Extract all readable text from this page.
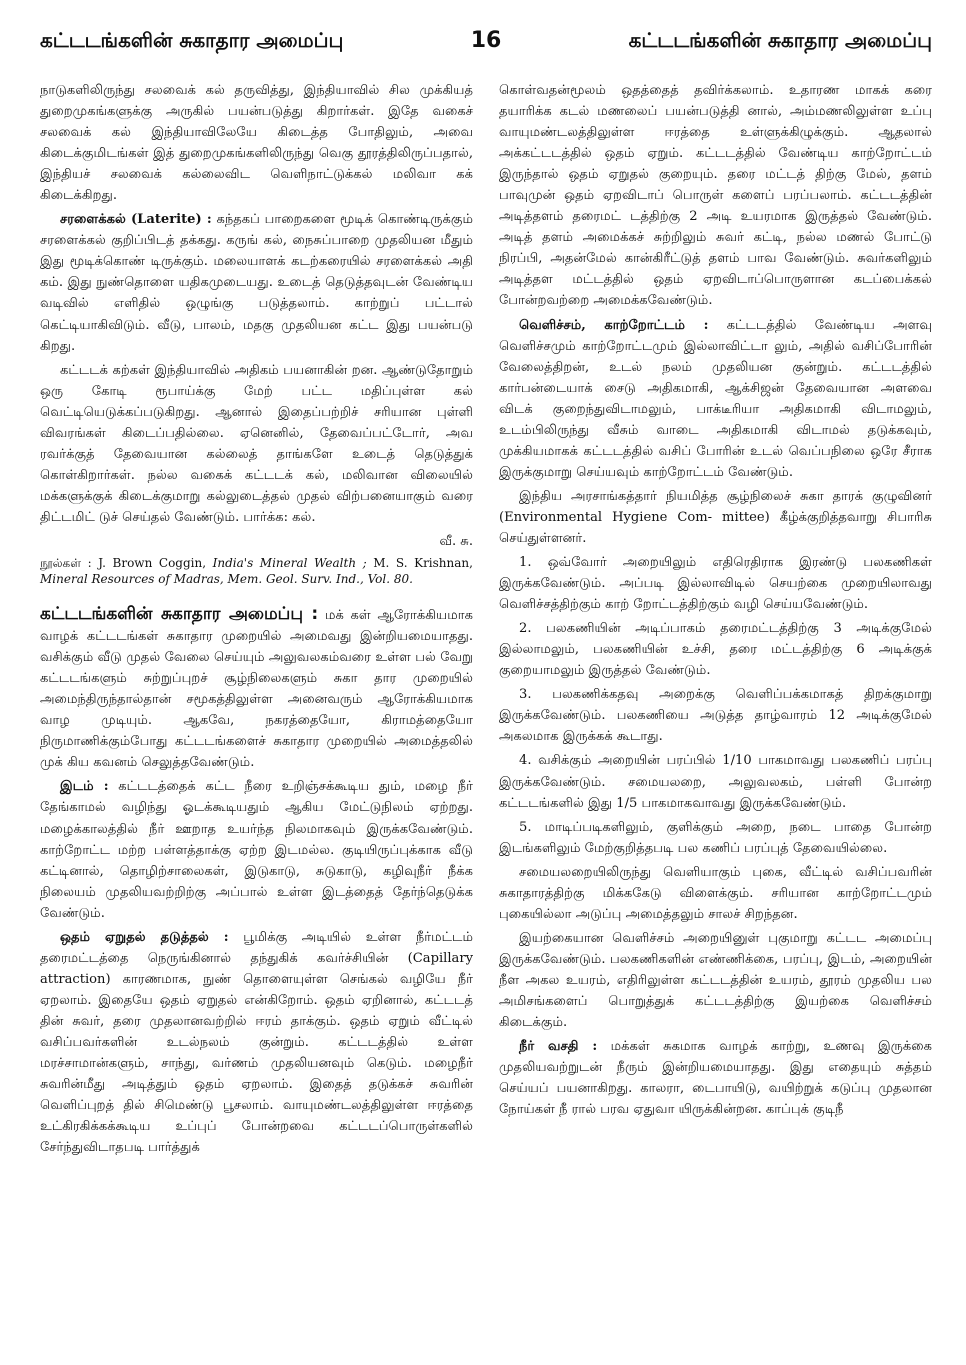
கட்டடங்களின் சுகாதார அமைப்பு	16	கட்டடங்களின் சுகாதார அமைப்பு

நாடுகளிலிருந்து சலவைக் கல் தருவித்து, இந்தியாவில் சில முக்கியத் துறைமுகங்களுக்கு அருகில் பயன்படுத்து கிறார்கள். இதே வகைச் சலவைக் கல் இந்தியாவிலேயே கிடைத்த போதிலும், அவை கிடைக்குமிடங்கள் இத் துறைமுகங்களிலிருந்து வெகு தூரத்திலிருப்பதால், இந்தியச் சலவைக் கல்லைவிட வெளிநாட்டுக்கல் மலிவா கக் கிடைக்கிறது.

சரளைக்கல் (Laterite) : கந்தகப் பாறைகளை மூடிக் கொண்டிருக்கும் சரளைக்கல் குறிப்பிடத் தக்கது. கருங் கல், நைசுப்பாறை முதலியன மீதும் இது மூடிக்கொண் டிருக்கும். மலையாளக் கடற்கரையில் சரளைக்கல் அதி கம். இது நுண்தொளை யதிகமுடையது. உடைத் தெடுத்தவுடன் வேண்டிய வடிவில் எளிதில் ஒழுங்கு படுத்தலாம். காற்றுப் பட்டால் கெட்டியாகிவிடும். வீடு, பாலம், மதகு முதலியன கட்ட இது பயன்படு கிறது.

கட்டடக் கற்கள் இந்தியாவில் அதிகம் பயனாகின் றன. ஆண்டுதோறும் ஒரு கோடி ரூபாய்க்கு மேற் பட்ட மதிப்புள்ள கல் வெட்டியெடுக்கப்படுகிறது. ஆனால் இதைப்பற்றிச் சரியான புள்ளி விவரங்கள் கிடைப்பதில்லை. ஏனெனில், தேவைப்பட்டோர், அவ ரவர்க்குத் தேவையான கல்லைத் தாங்களே உடைத் தெடுத்துக் கொள்கிறார்கள். நல்ல வகைக் கட்டடக் கல், மலிவான விலையில் மக்களுக்குக் கிடைக்குமாறு கல்லுடைத்தல் முதல் விற்பனையாகும் வரை திட்டமிட் டுச் செய்தல் வேண்டும். பார்க்க: கல்.

வீ. சு.

நூல்கள் : J. Brown Coggin, India's Mineral Wealth ; M. S. Krishnan, Mineral Resources of Madras, Mem. Geol. Surv. Ind., Vol. 80.

கட்டடங்களின் சுகாதார அமைப்பு : மக் கள் ஆரோக்கியமாக வாழக் கட்டடங்கள் சுகாதார முறையில் அமைவது இன்றியமையாதது. வசிக்கும் வீடு முதல் வேலை செய்யும் அலுவலகம்வரை உள்ள பல் வேறு கட்டடங்களும் சுற்றுப்புறச் சூழ்நிலைகளும் சுகா தார முறையில் அமைந்திருந்தால்தான் சமூகத்திலுள்ள அனைவரும் ஆரோக்கியமாக வாழ முடியும். ஆகவே, நகரத்தையோ, கிராமத்தையோ நிருமாணிக்கும்போது கட்டடங்களைச் சுகாதார முறையில் அமைத்தலில் முக் கிய கவனம் செலுத்தவேண்டும்.

இடம் : கட்டடத்தைக் கட்ட நீரை உறிஞ்சக்கூடிய தும், மழை நீர் தேங்காமல் வழிந்து ஓடக்கூடியதும் ஆகிய மேட்டுநிலம் ஏற்றது. மழைக்காலத்தில் நீர் ஊறாத உயர்ந்த நிலமாகவும் இருக்கவேண்டும். காற்றோட்ட மற்ற பள்ளத்தாக்கு ஏற்ற இடமல்ல. குடியிருப்புக்காக வீடு கட்டினால், தொழிற்சாலைகள், இடுகாடு, சுடுகாடு, கழிவுநீர் நீக்க நிலையம் முதலியவற்றிற்கு அப்பால் உள்ள இடத்தைத் தேர்ந்தெடுக்க வேண்டும்.

ஒதம் ஏறுதல் தடுத்தல் : பூமிக்கு அடியில் உள்ள நீர்மட்டம் தரைமட்டத்தை நெருங்கினால் தந்துகிக் கவர்ச்சியின் (Capillary attraction) காரணமாக, நுண் தொளையுள்ள செங்கல் வழியே நீர் ஏறலாம். இதையே ஒதம் ஏறுதல் என்கிறோம். ஒதம் ஏறினால், கட்டடத் தின் சுவர், தரை முதலானவற்றில் ஈரம் தாக்கும். ஒதம் ஏறும் வீட்டில் வசிப்பவர்களின் உடல்நலம் குன்றும். கட்டடத்தில் உள்ள மரச்சாமான்களும், சாந்து, வர்ணம் முதலியனவும் கெடும். மழைநீர் சுவரின்மீது அடித்தும் ஒதம் ஏறலாம். இதைத் தடுக்கச் சுவரின் வெளிப்புறத் தில் சிமெண்டு பூசலாம். வாயுமண்டலத்திலுள்ள ஈரத்தை உட்கிரகிக்கக்கூடிய உப்புப் போன்றவை கட்டடப்பொருள்களில் சேர்ந்துவிடாதபடி பார்த்துக்

கொள்வதன்மூலம் ஒதத்தைத் தவிர்க்கலாம். உதாரண மாகக் கரை தயாரிக்க கடல் மணலைப் பயன்படுத்தி னால், அம்மணலிலுள்ள உப்பு வாயுமண்டலத்திலுள்ள ஈரத்தை உள்ளுக்கிழுக்கும். ஆதலால் அக்கட்டடத்தில் ஒதம் ஏறும். கட்டடத்தில் வேண்டிய காற்றோட்டம் இருந்தால் ஒதம் ஏறுதல் குறையும். தரை மட்டத் திற்கு மேல், தளம் பாவுமுன் ஒதம் ஏறவிடாப் பொருள் களைப் பரப்பலாம். கட்டடத்தின் அடித்தளம் தரைமட் டத்திற்கு 2 அடி உயரமாக இருத்தல் வேண்டும். அடித் தளம் அமைக்கச் சுற்றிலும் சுவர் கட்டி, நல்ல மணல் போட்டு நிரப்பி, அதன்மேல் கான்கிரீட்டுத் தளம் பாவ வேண்டும். சுவர்களிலும் அடித்தள மட்டத்தில் ஒதம் ஏறவிடாப்பொருளான கடப்பைக்கல் போன்றவற்றை அமைக்கவேண்டும்.

வெளிச்சம், காற்றோட்டம் : கட்டடத்தில் வேண்டிய அளவு வெளிச்சமும் காற்றோட்டமும் இல்லாவிட்டா லும், அதில் வசிப்போரின் வேலைத்திறன், உடல் நலம் முதலியன குன்றும். கட்டடத்தில் கார்பன்டையாக் சைடு அதிகமாகி, ஆக்சிஜன் தேவையான அளவை விடக் குறைந்துவிடாமலும், பாக்டீரியா அதிகமாகி விடாமலும், உடம்பிலிருந்து வீசும் வாடை அதிகமாகி விடாமல் தடுக்கவும், முக்கியமாகக் கட்டடத்தில் வசிப் போரின் உடல் வெப்பநிலை ஒரே சீராக இருக்குமாறு செய்யவும் காற்றோட்டம் வேண்டும்.

இந்திய அரசாங்கத்தார் நியமித்த சூழ்நிலைச் சுகா தாரக் குழுவினர் (Environmental Hygiene Com- mittee) கீழ்க்குறித்தவாறு சிபாரிசு செய்துள்ளனர்.

1. ஒவ்வோர் அறையிலும் எதிரெதிராக இரண்டு பலகணிகள் இருக்கவேண்டும். அப்படி இல்லாவிடில் செயற்கை முறையிலாவது வெளிச்சத்திற்கும் காற் றோட்டத்திற்கும் வழி செய்யவேண்டும்.

2. பலகணியின் அடிப்பாகம் தரைமட்டத்திற்கு 3 அடிக்குமேல் இல்லாமலும், பலகணியின் உச்சி, தரை மட்டத்திற்கு 6 அடிக்குக் குறையாமலும் இருத்தல் வேண்டும்.

3. பலகணிக்கதவு அறைக்கு வெளிப்பக்கமாகத் திறக்குமாறு இருக்கவேண்டும். பலகணியை அடுத்த தாழ்வாரம் 12 அடிக்குமேல் அகலமாக இருக்கக் கூடாது.

4. வசிக்கும் அறையின் பரப்பில் 1/10 பாகமாவது பலகணிப் பரப்பு இருக்கவேண்டும். சமையலறை, அலுவலகம், பள்ளி போன்ற கட்டடங்களில் இது 1/5 பாகமாகவாவது இருக்கவேண்டும்.

5. மாடிப்படிகளிலும், குளிக்கும் அறை, நடை பாதை போன்ற இடங்களிலும் மேற்குறித்தபடி பல கணிப் பரப்புத் தேவையில்லை.

சமையலறையிலிருந்து வெளியாகும் புகை, வீட்டில் வசிப்பவரின் சுகாதாரத்திற்கு மிக்ககேடு விளைக்கும். சரியான காற்றோட்டமும் புகையில்லா அடுப்பு அமைத்தலும் சாலச் சிறந்தன.

இயற்கையான வெளிச்சம் அறையினுள் புகுமாறு கட்டட அமைப்பு இருக்கவேண்டும். பலகணிகளின் எண்ணிக்கை, பரப்பு, இடம், அறையின் நீள அகல உயரம், எதிரிலுள்ள கட்டடத்தின் உயரம், தூரம் முதலிய பல அமிசங்களைப் பொறுத்துக் கட்டடத்திற்கு இயற்கை வெளிச்சம் கிடைக்கும்.

நீர் வசதி : மக்கள் சுகமாக வாழக் காற்று, உணவு இருக்கை முதலியவற்றுடன் நீரும் இன்றியமையாதது. இது எதையும் சுத்தம் செய்யப் பயனாகிறது. காலரா, டைபாயிடு, வயிற்றுக் கடுப்பு முதலான நோய்கள் நீ ரால் பரவ ஏதுவா யிருக்கின்றன. காப்புக் குடிநீ
